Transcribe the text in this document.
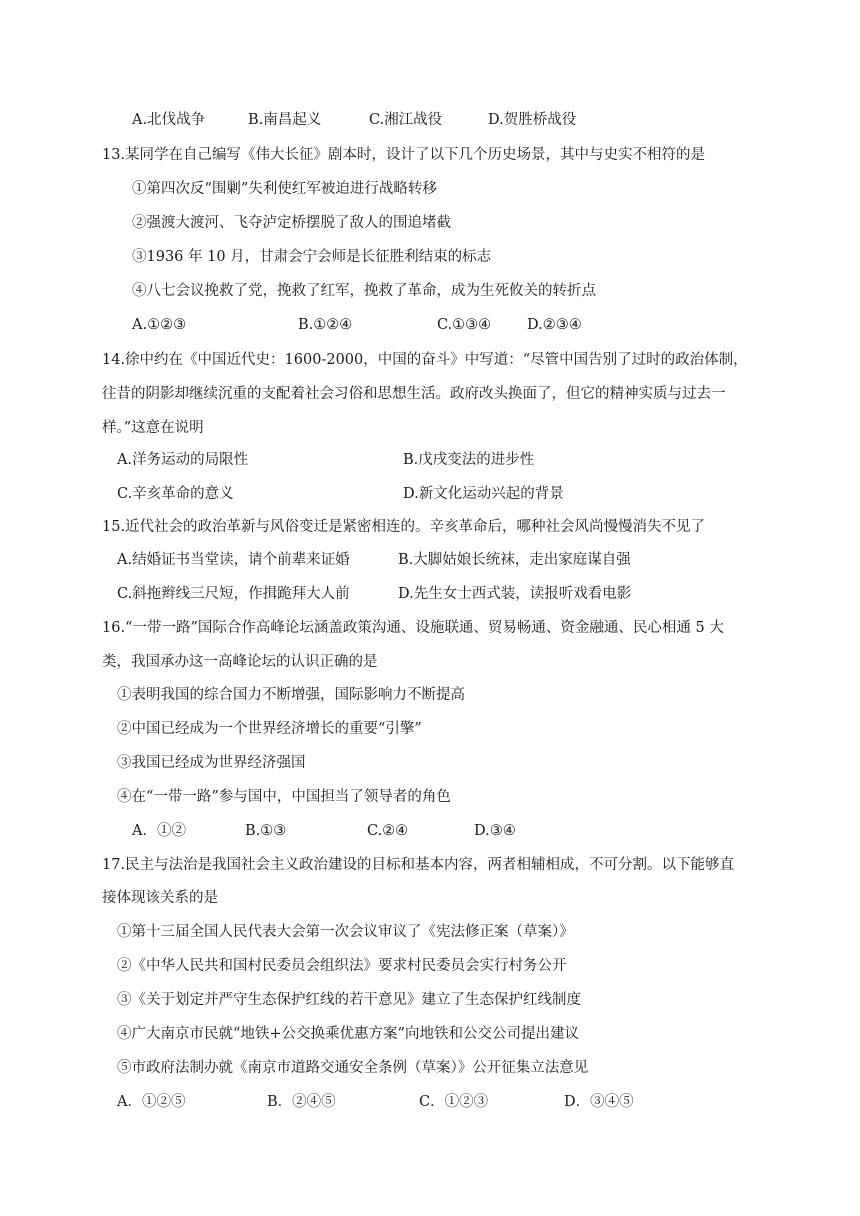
A.北伐战争	B.南昌起义	C.湘江战役	D.贺胜桥战役
13.某同学在自己编写《伟大长征》剧本时，设计了以下几个历史场景，其中与史实不相符的是
①第四次反“围剿”失利使红军被迫进行战略转移
②强渡大渡河、飞夺泸定桥摆脱了敌人的围追堵截
③1936 年 10 月，甘肃会宁会师是长征胜利结束的标志
④八七会议挽救了党，挽救了红军，挽救了革命，成为生死攸关的转折点
A.①②③	B.①②④	C.①③④ D.②③④
14.徐中约在《中国近代史：1600-2000，中国的奋斗》中写道：“尽管中国告别了过时的政治体制，
往昔的阴影却继续沉重的支配着社会习俗和思想生活。政府改头换面了，但它的精神实质与过去一
样。”这意在说明
A.洋务运动的局限性	B.戊戌变法的进步性
C.辛亥革命的意义	D.新文化运动兴起的背景
15.近代社会的政治革新与风俗变迁是紧密相连的。辛亥革命后，哪种社会风尚慢慢消失不见了
A.结婚证书当堂读，请个前辈来证婚	B.大脚姑娘长统袜，走出家庭谋自强
C.斜拖辫线三尺短，作揖跪拜大人前	D.先生女士西式装，读报听戏看电影
16.“一带一路”国际合作高峰论坛涵盖政策沟通、设施联通、贸易畅通、资金融通、民心相通 5 大
类，我国承办这一高峰论坛的认识正确的是
①表明我国的综合国力不断增强，国际影响力不断提高
②中国已经成为一个世界经济增长的重要“引擎”
③我国已经成为世界经济强国
④在“一带一路”参与国中，中国担当了领导者的角色
A．①②	B.①③	C.②④	D.③④
17.民主与法治是我国社会主义政治建设的目标和基本内容，两者相辅相成，不可分割。以下能够直
接体现该关系的是
①第十三届全国人民代表大会第一次会议审议了《宪法修正案（草案）》
②《中华人民共和国村民委员会组织法》要求村民委员会实行村务公开
③《关于划定并严守生态保护红线的若干意见》建立了生态保护红线制度
④广大南京市民就“地铁+公交换乘优惠方案”向地铁和公交公司提出建议
⑤市政府法制办就《南京市道路交通安全条例（草案）》公开征集立法意见
A．①②⑤	B．②④⑤	C．①②③	D．③④⑤
